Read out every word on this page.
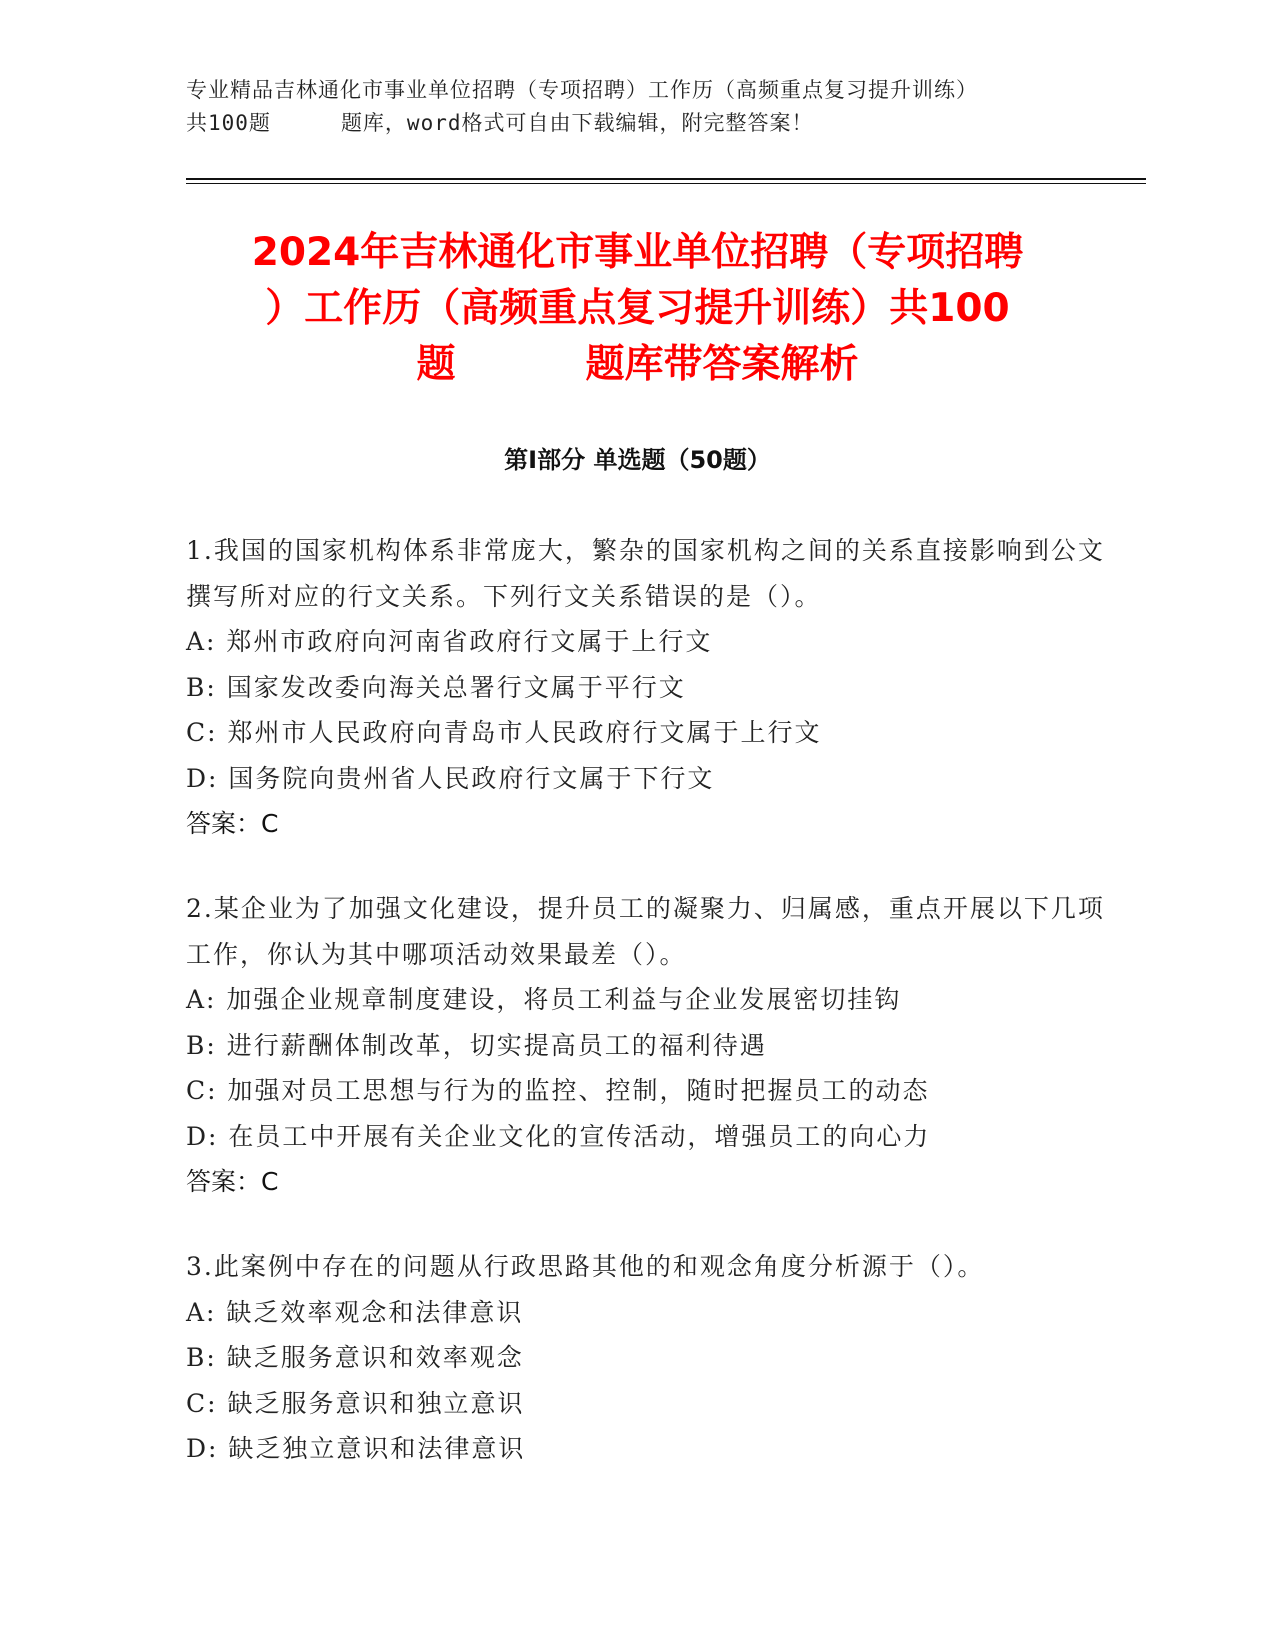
专业精品吉林通化市事业单位招聘（专项招聘）工作历（高频重点复习提升训练）
共100题	题库，word格式可自由下载编辑，附完整答案！
2024年吉林通化市事业单位招聘（专项招聘
）工作历（高频重点复习提升训练）共100
题	题库带答案解析
第Ⅰ部分 单选题（50题）
1.我国的国家机构体系非常庞大，繁杂的国家机构之间的关系直接影响到公文撰写所对应的行文关系。下列行文关系错误的是（）。
A: 郑州市政府向河南省政府行文属于上行文
B: 国家发改委向海关总署行文属于平行文
C: 郑州市人民政府向青岛市人民政府行文属于上行文
D: 国务院向贵州省人民政府行文属于下行文
答案：C
2.某企业为了加强文化建设，提升员工的凝聚力、归属感，重点开展以下几项工作，你认为其中哪项活动效果最差（）。
A: 加强企业规章制度建设，将员工利益与企业发展密切挂钩
B: 进行薪酬体制改革，切实提高员工的福利待遇
C: 加强对员工思想与行为的监控、控制，随时把握员工的动态
D: 在员工中开展有关企业文化的宣传活动，增强员工的向心力
答案：C
3.此案例中存在的问题从行政思路其他的和观念角度分析源于（）。
A: 缺乏效率观念和法律意识
B: 缺乏服务意识和效率观念
C: 缺乏服务意识和独立意识
D: 缺乏独立意识和法律意识
